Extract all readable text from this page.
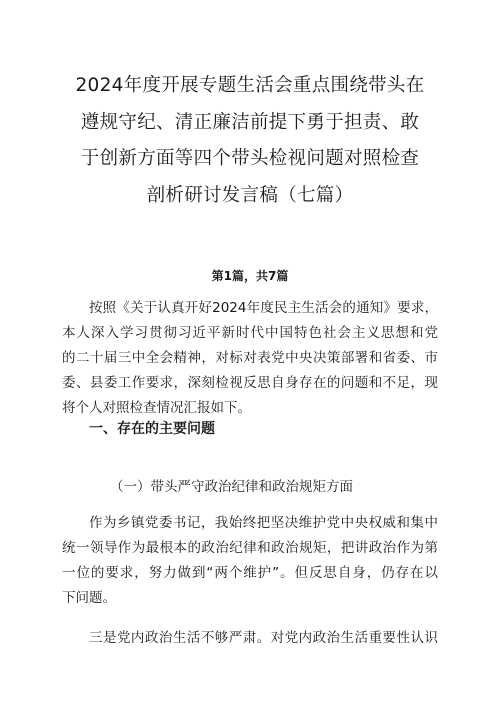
2024年度开展专题生活会重点围绕带头在
遵规守纪、清正廉洁前提下勇于担责、敢
于创新方面等四个带头检视问题对照检查
剖析研讨发言稿（七篇）
第1篇，共7篇
按照《关于认真开好2024年度民主生活会的通知》要求，
本人深入学习贯彻习近平新时代中国特色社会主义思想和党
的二十届三中全会精神，对标对表党中央决策部署和省委、市
委、县委工作要求，深刻检视反思自身存在的问题和不足，现
将个人对照检查情况汇报如下。
一、存在的主要问题
（一）带头严守政治纪律和政治规矩方面
作为乡镇党委书记，我始终把坚决维护党中央权威和集中
统一领导作为最根本的政治纪律和政治规矩，把讲政治作为第
一位的要求，努力做到“两个维护”。但反思自身，仍存在以
下问题。
三是党内政治生活不够严肃。对党内政治生活重要性认识
